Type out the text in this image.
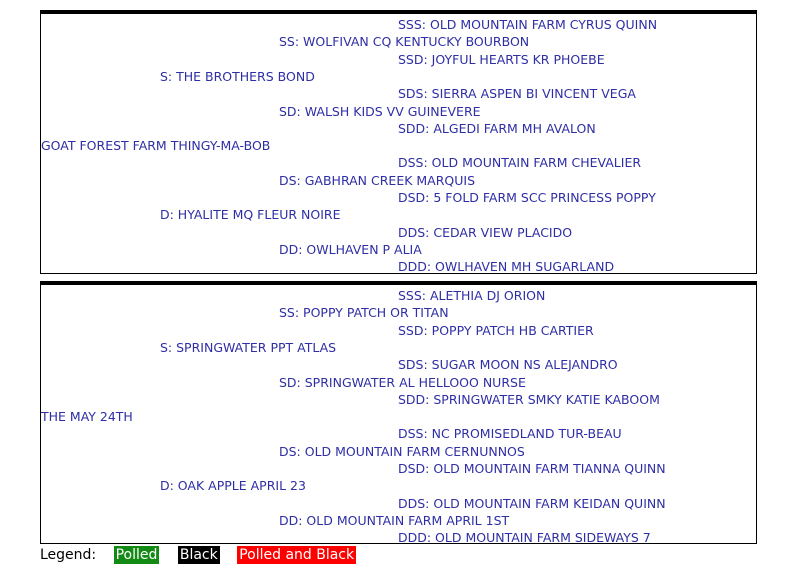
SSS: OLD MOUNTAIN FARM CYRUS QUINN
SS: WOLFIVAN CQ KENTUCKY BOURBON
SSD: JOYFUL HEARTS KR PHOEBE
S: THE BROTHERS BOND
SDS: SIERRA ASPEN BI VINCENT VEGA
SD: WALSH KIDS VV GUINEVERE
SDD: ALGEDI FARM MH AVALON
GOAT FOREST FARM THINGY-MA-BOB
DSS: OLD MOUNTAIN FARM CHEVALIER
DS: GABHRAN CREEK MARQUIS
DSD: 5 FOLD FARM SCC PRINCESS POPPY
D: HYALITE MQ FLEUR NOIRE
DDS: CEDAR VIEW PLACIDO
DD: OWLHAVEN P ALIA
DDD: OWLHAVEN MH SUGARLAND
SSS: ALETHIA DJ ORION
SS: POPPY PATCH OR TITAN
SSD: POPPY PATCH HB CARTIER
S: SPRINGWATER PPT ATLAS
SDS: SUGAR MOON NS ALEJANDRO
SD: SPRINGWATER AL HELLOOO NURSE
SDD: SPRINGWATER SMKY KATIE KABOOM
THE MAY 24TH
DSS: NC PROMISEDLAND TUR-BEAU
DS: OLD MOUNTAIN FARM CERNUNNOS
DSD: OLD MOUNTAIN FARM TIANNA QUINN
D: OAK APPLE APRIL 23
DDS: OLD MOUNTAIN FARM KEIDAN QUINN
DD: OLD MOUNTAIN FARM APRIL 1ST
DDD: OLD MOUNTAIN FARM SIDEWAYS 7
Legend: Polled Black Polled and Black
